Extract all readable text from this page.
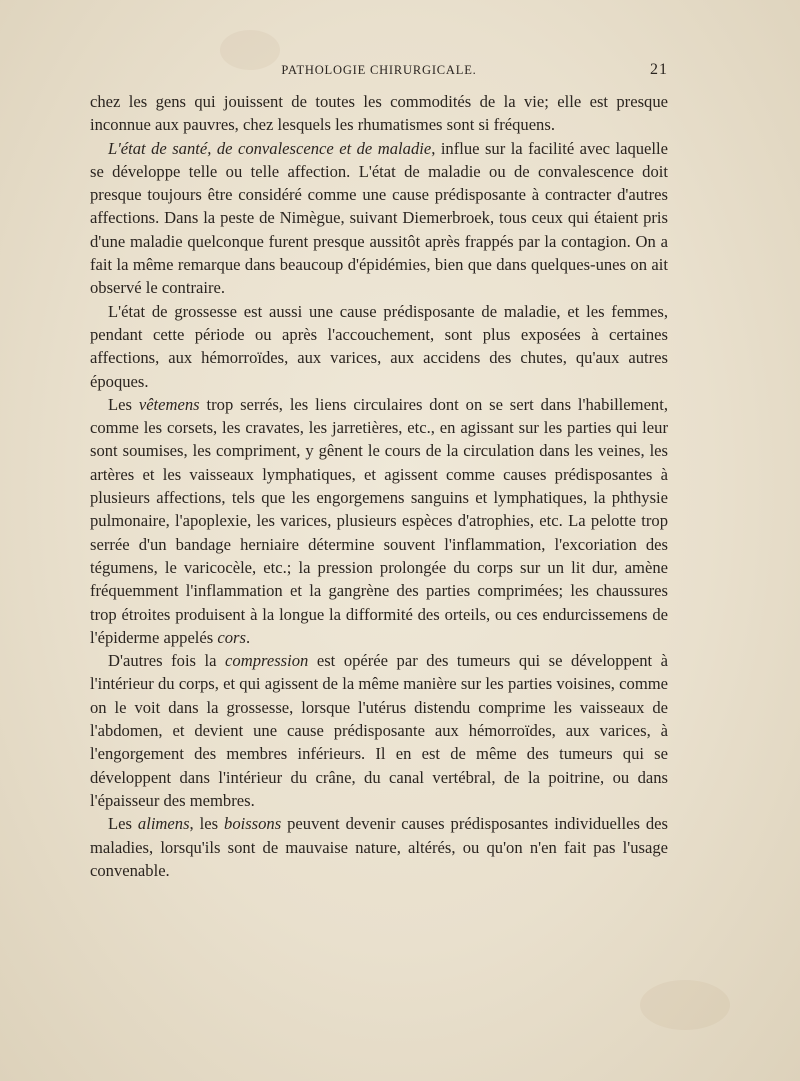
PATHOLOGIE CHIRURGICALE.	21

chez les gens qui jouissent de toutes les commodités de la vie; elle est presque inconnue aux pauvres, chez lesquels les rhumatismes sont si fréquens.

L'état de santé, de convalescence et de maladie, influe sur la facilité avec laquelle se développe telle ou telle affection. L'état de maladie ou de convalescence doit presque toujours être considéré comme une cause prédisposante à contracter d'autres affections. Dans la peste de Nimègue, suivant Diemerbroek, tous ceux qui étaient pris d'une maladie quelconque furent presque aussitôt après frappés par la contagion. On a fait la même remarque dans beaucoup d'épidémies, bien que dans quelques-unes on ait observé le contraire.

L'état de grossesse est aussi une cause prédisposante de maladie, et les femmes, pendant cette période ou après l'accouchement, sont plus exposées à certaines affections, aux hémorroïdes, aux varices, aux accidens des chutes, qu'aux autres époques.

Les vêtemens trop serrés, les liens circulaires dont on se sert dans l'habillement, comme les corsets, les cravates, les jarretières, etc., en agissant sur les parties qui leur sont soumises, les compriment, y gênent le cours de la circulation dans les veines, les artères et les vaisseaux lymphatiques, et agissent comme causes prédisposantes à plusieurs affections, tels que les engorgemens sanguins et lymphatiques, la phthysie pulmonaire, l'apoplexie, les varices, plusieurs espèces d'atrophies, etc. La pelotte trop serrée d'un bandage herniaire détermine souvent l'inflammation, l'excoriation des tégumens, le varicocèle, etc.; la pression prolongée du corps sur un lit dur, amène fréquemment l'inflammation et la gangrène des parties comprimées; les chaussures trop étroites produisent à la longue la difformité des orteils, ou ces endurcissemens de l'épiderme appelés cors.

D'autres fois la compression est opérée par des tumeurs qui se développent à l'intérieur du corps, et qui agissent de la même manière sur les parties voisines, comme on le voit dans la grossesse, lorsque l'utérus distendu comprime les vaisseaux de l'abdomen, et devient une cause prédisposante aux hémorroïdes, aux varices, à l'engorgement des membres inférieurs. Il en est de même des tumeurs qui se développent dans l'intérieur du crâne, du canal vertébral, de la poitrine, ou dans l'épaisseur des membres.

Les alimens, les boissons peuvent devenir causes prédisposantes individuelles des maladies, lorsqu'ils sont de mauvaise nature, altérés, ou qu'on n'en fait pas l'usage convenable.
